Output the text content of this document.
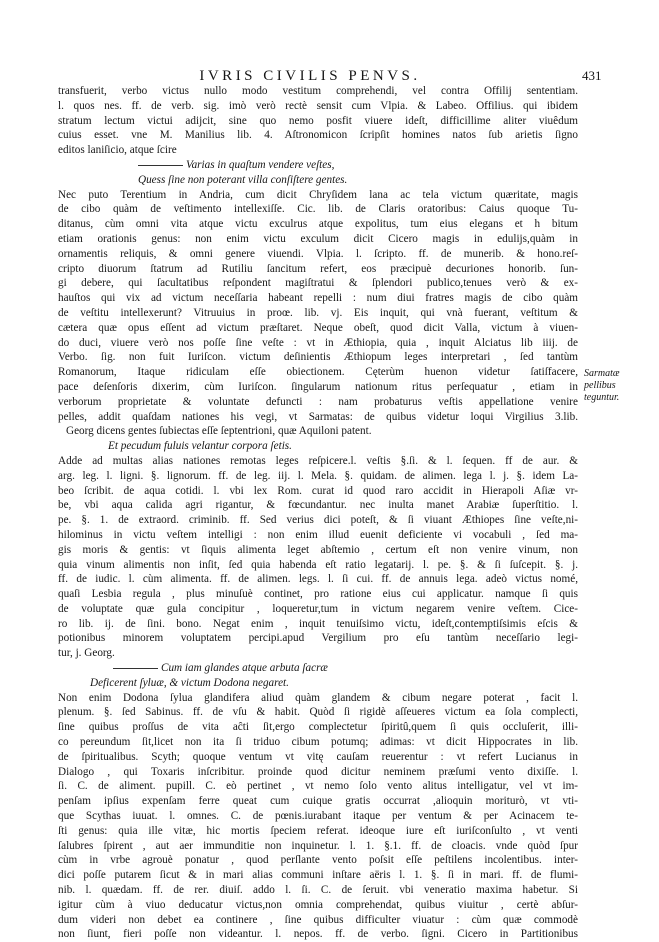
IVRIS CIVILIS PENVS.	431
transfuerit, verbo victus nullo modo vestitum comprehendi, vel contra Offilij sententiam.
l. quos nes. ff. de verb. sig. imò verò rectè sensit cum Vlpia. & Labeo. Offilius. qui ibidem
stratum lectum victui adijcit, sine quo nemo posfit viuere ideſt, difficillime aliter viuêdum
cuius esset. vne M. Manilius lib. 4. Aſtronomicon ſcripſit homines natos ſub arietis ſigno
editos laniſicio, atque ſcire
Varias in quaſtum vendere veſtes,
Quess ſine non poterant villa conſiſtere gentes.
Nec puto Terentium in Andria, cum dicit Chryſidem lana ac tela victum quæritate, magis
de cibo quàm de veſtimento intellexiſſe. Cic. lib. de Claris oratoribus: Caius quoque Tu-
ditanus, cùm omni vita atque victu exculrus atque expolitus, tum eius elegans et h bitum
etiam orationis genus: non enim victu exculum dicit Cicero magis in edulijs,quàm in
ornamentis reliquis, & omni genere viuendi. Vlpia. l. ſcripto. ff. de munerib. & hono.reſ-
cripto diuorum ſtatrum ad Rutiliu ſancitum refert, eos præcipuè decuriones honorib. ſun-
gi debere, qui ſacultatibus reſpondent magiſtratui & ſplendori publico,tenues verò & ex-
hauſtos qui vix ad victum neceſſaria habeant repelli : num diui fratres magis de cibo quàm
de veſtitu intellexerunt? Vitruuius in proœ. lib. vj. Eis inquit, qui vnà fuerant, veſtitum &
cætera quæ opus eſſent ad victum præſtaret. Neque obeſt, quod dicit Valla, victum à viuen-
do duci, viuere verò nos poſſe ſine veſte : vt in Æthiopia, quia , inquit Alciatus lib iiij. de
Verbo. ſig. non fuit Iuriſcon. victum deſinientis Æthiopum leges interpretari , ſed tantùm
Romanorum, Itaque ridiculam eſſe obiectionem. Cęterùm huenon videtur ſatiſfacere,
pace deſenſoris dixerim, cùm Iuriſcon. ſingularum nationum ritus perſequatur , etiam in
verborum proprietate & voluntate defuncti : nam probaturus veſtis appellatione venire
pelles, addit quaſdam nationes his vegi, vt Sarmatas: de quibus videtur loqui Virgilius 3.lib.
Georg dicens gentes ſubiectas eſſe ſeptentrioni, quæ Aquiloni patent.
Et pecudum fuluis velantur corpora ſetis.
Adde ad multas alias nationes remotas leges reſpicere.l. veſtis §.ſi. & l. ſequen. ff de aur. &
arg. leg. l. ligni. §. lignorum. ff. de leg. iij. l. Mela. §. quidam. de alimen. lega l. j. §. idem La-
beo ſcribit. de aqua cotidi. l. vbi lex Rom. curat id quod raro accidit in Hierapoli Aſiæ vr-
be, vbi aqua calida agri rigantur, & fœcundantur. nec inulta manet Arabiæ ſuperſtitio. l.
pe. §. 1. de extraord. criminib. ff. Sed verius dici poteſt, & ſi viuant Æthiopes ſine veſte,ni-
hilominus in victu veſtem intelligi : non enim illud euenit deficiente vi vocabuli , ſed ma-
gis moris & gentis: vt ſiquis alimenta leget abſtemio , certum eſt non venire vinum, non
quia vinum alimentis non inſit, ſed quia habenda eſt ratio legatarij. l. pe. §. & ſi ſuſcepit. §. j.
ff. de iudic. l. cùm alimenta. ff. de alimen. legs. l. ſi cui. ff. de annuis lega. adeò victus nomé,
quaſi Lesbia regula , plus minuſuè continet, pro ratione eius cui applicatur. namque ſi quis
de voluptate quæ gula concipitur , loqueretur,tum in victum negarem venire veſtem. Cice-
ro lib. ij. de ſini. bono. Negat enim , inquit tenuiſsimo victu, ideſt,contemptiſsimis eſcis &
potionibus minorem voluptatem percipi.apud Vergilium pro eſu tantùm neceſſario legi-
tur, j. Georg.
Cum iam glandes atque arbuta ſacræ
Deficerent ſyluæ, & victum Dodona negaret.
Non enim Dodona ſylua glandifera aliud quàm glandem & cibum negare poterat , facit l.
plenum. §. ſed Sabinus. ff. de vſu & habit. Quòd ſi rigidè aſſeueres victum ea ſola complecti,
ſine quibus proſſus de vita aĉti ſit,ergo complectetur ſpiritû,quem ſi quis occluſerit, illi-
co pereundum ſit,licet non ita ſi triduo cibum potumq; adimas: vt dicit Hippocrates in lib.
de ſpiritualibus. Scyth; quoque ventum vt vitę cauſam reuerentur : vt refert Lucianus in
Dialogo , qui Toxaris inſcribitur. proinde quod dicitur neminem præſumi vento dixiſſe. l.
ſi. C. de aliment. pupill. C. eò pertinet , vt nemo ſolo vento alitus intelligatur, vel vt im-
penſam ipſius expenſam ferre queat cum cuique gratis occurrat ,alioquin moriturò, vt vti-
que Scythas iuuat. l. omnes. C. de pœnis.iurabant itaque per ventum & per Acinacem te-
ſti genus: quia ille vitæ, hic mortis ſpeciem referat. ideoque iure eſt iuriſconſulto , vt venti
ſalubres ſpirent , aut aer immunditie non inquinetur. l. 1. §.1. ff. de cloacis. vnde quòd ſpur
cùm in vrbe agrouè ponatur , quod perſlante vento poſsit eſſe peſtilens incolentibus. inter-
dici poſſe putarem ſicut & in mari alias communi inſtare aëris l. 1. §. ſi in mari. ff. de flumi-
nib. l. quædam. ff. de rer. diuiſ. addo l. ſi. C. de ſeruit. vbi veneratio maxima habetur. Si
igitur cùm à viuo deducatur victus,non omnia comprehendat, quibus viuitur , certè abſur-
dum videri non debet ea continere , ſine quibus difficulter viuatur : cùm quæ commodè
non ſiunt, fieri poſſe non videantur. l. nepos. ff. de verbo. ſigni. Cicero in Partitionibus
Sarmatæ pellibus teguntur.
